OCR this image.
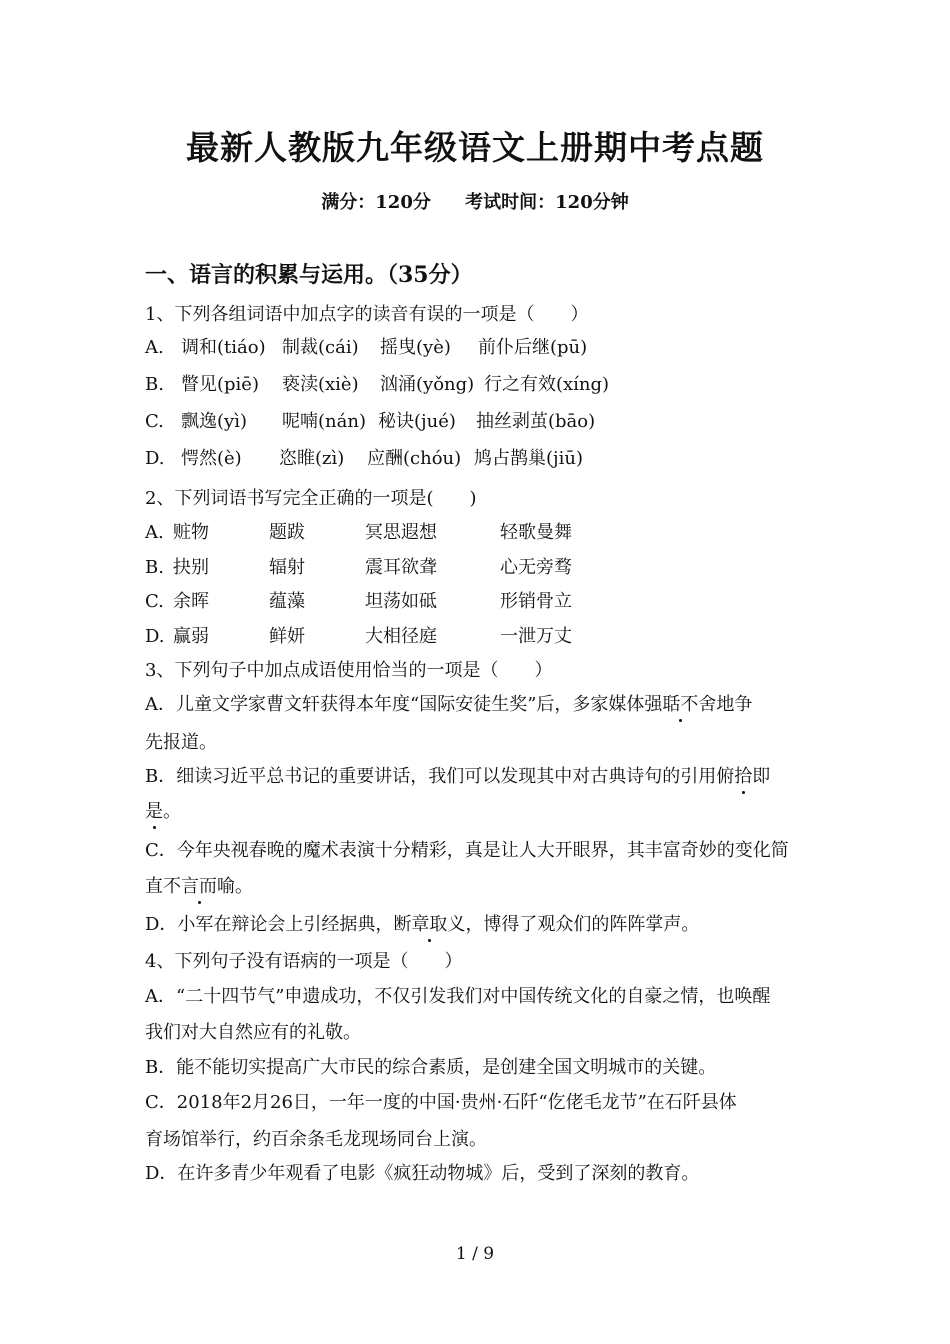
最新人教版九年级语文上册期中考点题
满分：120分 考试时间：120分钟
一、语言的积累与运用。（35分）
1、下列各组词语中加点字的读音有误的一项是（　　）
A. 调和(tiáo) 制裁(cái) 摇曳(yè) 前仆后继(pū)
B. 瞥见(piē) 亵渎(xiè) 汹涌(yǒng) 行之有效(xíng)
C. 飘逸(yì) 呢喃(nán) 秘诀(jué) 抽丝剥茧(bāo)
D. 愕然(è) 恣睢(zì) 应酬(chóu) 鸠占鹊巢(jiū)
2、下列词语书写完全正确的一项是(　　)
A. 赃物	题跋	冥思遐想	轻歌曼舞
B. 抉别	辐射	震耳欲聋	心无旁骛
C. 余晖	蕴藻	坦荡如砥	形销骨立
D. 赢弱	鲜妍	大相径庭	一泄万丈
3、下列句子中加点成语使用恰当的一项是（　　）
A．儿童文学家曹文轩获得本年度“国际安徒生奖”后，多家媒体强聒不舍地争
先报道。
B．细读习近平总书记的重要讲话，我们可以发现其中对古典诗句的引用俯拾即
是。
C．今年央视春晚的魔术表演十分精彩，真是让人大开眼界，其丰富奇妙的变化简
直不言而喻。
D．小军在辩论会上引经据典，断章取义，博得了观众们的阵阵掌声。
4、下列句子没有语病的一项是（　　）
A．“二十四节气”申遗成功，不仅引发我们对中国传统文化的自豪之情，也唤醒
我们对大自然应有的礼敬。
B．能不能切实提高广大市民的综合素质，是创建全国文明城市的关键。
C．2018年2月26日，一年一度的中国·贵州·石阡“仡佬毛龙节”在石阡县体
育场馆举行，约百余条毛龙现场同台上演。
D．在许多青少年观看了电影《疯狂动物城》后，受到了深刻的教育。
1 / 9
